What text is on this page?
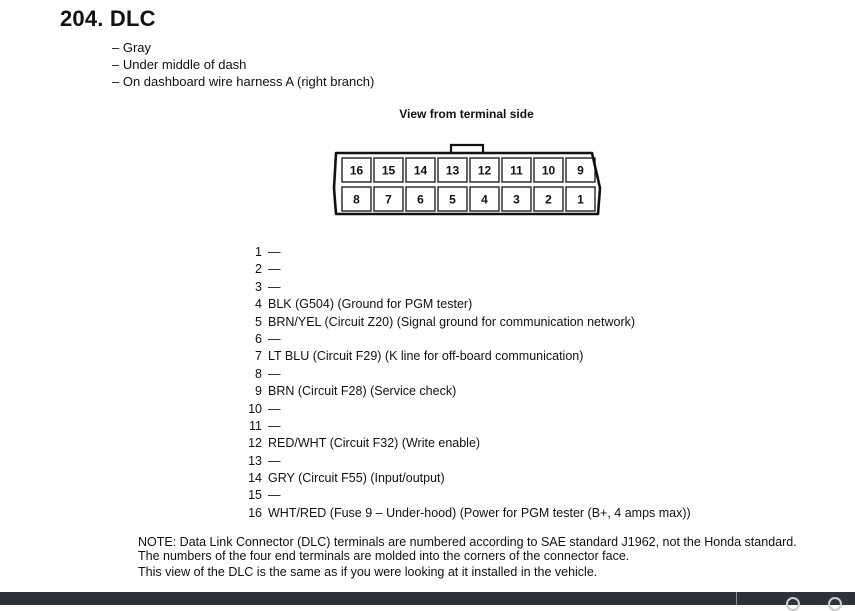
204. DLC
– Gray
– Under middle of dash
– On dashboard wire harness A (right branch)
View from terminal side
16 15 14 13 12 11 10 9
8 7 6 5 4 3 2 1
1 —
2 —
3 —
4 BLK (G504) (Ground for PGM tester)
5 BRN/YEL (Circuit Z20) (Signal ground for communication network)
6 —
7 LT BLU (Circuit F29) (K line for off-board communication)
8 —
9 BRN (Circuit F28) (Service check)
10 —
11 —
12 RED/WHT (Circuit F32) (Write enable)
13 —
14 GRY (Circuit F55) (Input/output)
15 —
16 WHT/RED (Fuse 9 – Under-hood) (Power for PGM tester (B+, 4 amps max))
NOTE: Data Link Connector (DLC) terminals are numbered according to SAE standard J1962, not the Honda standard.
The numbers of the four end terminals are molded into the corners of the connector face.
This view of the DLC is the same as if you were looking at it installed in the vehicle.
